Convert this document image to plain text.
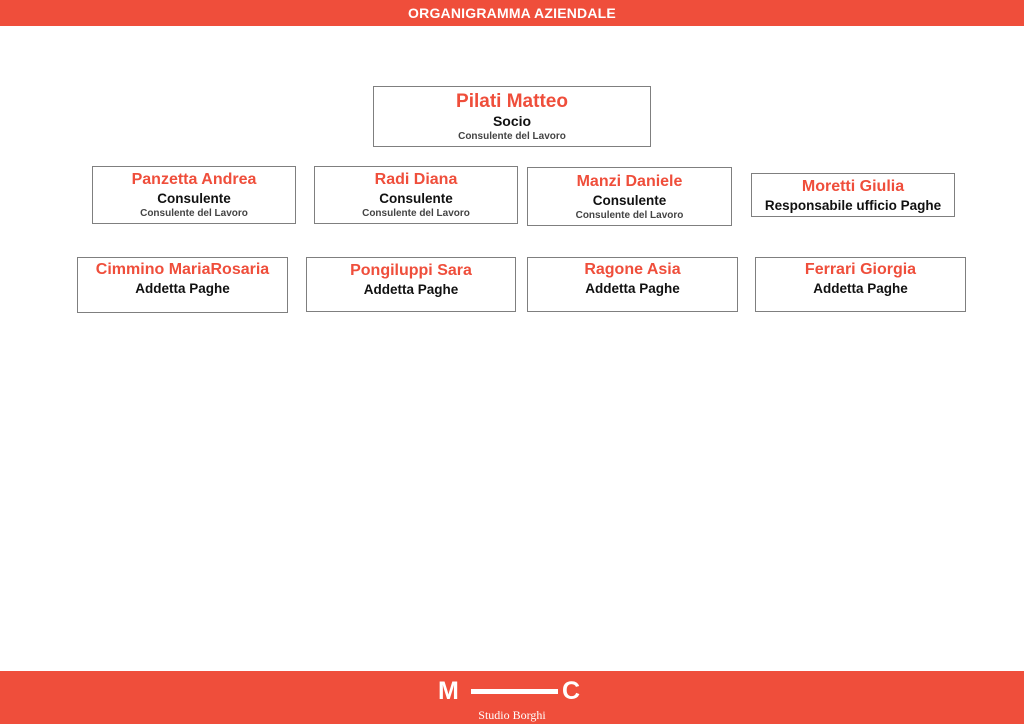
ORGANIGRAMMA AZIENDALE
Pilati Matteo
Socio
Consulente del Lavoro
Panzetta Andrea
Consulente
Consulente del Lavoro
Radi Diana
Consulente
Consulente del Lavoro
Manzi Daniele
Consulente
Consulente del Lavoro
Moretti Giulia
Responsabile ufficio Paghe
Cimmino MariaRosaria
Addetta Paghe
Pongiluppi Sara
Addetta Paghe
Ragone Asia
Addetta Paghe
Ferrari Giorgia
Addetta Paghe
M	C
Studio Borghi
